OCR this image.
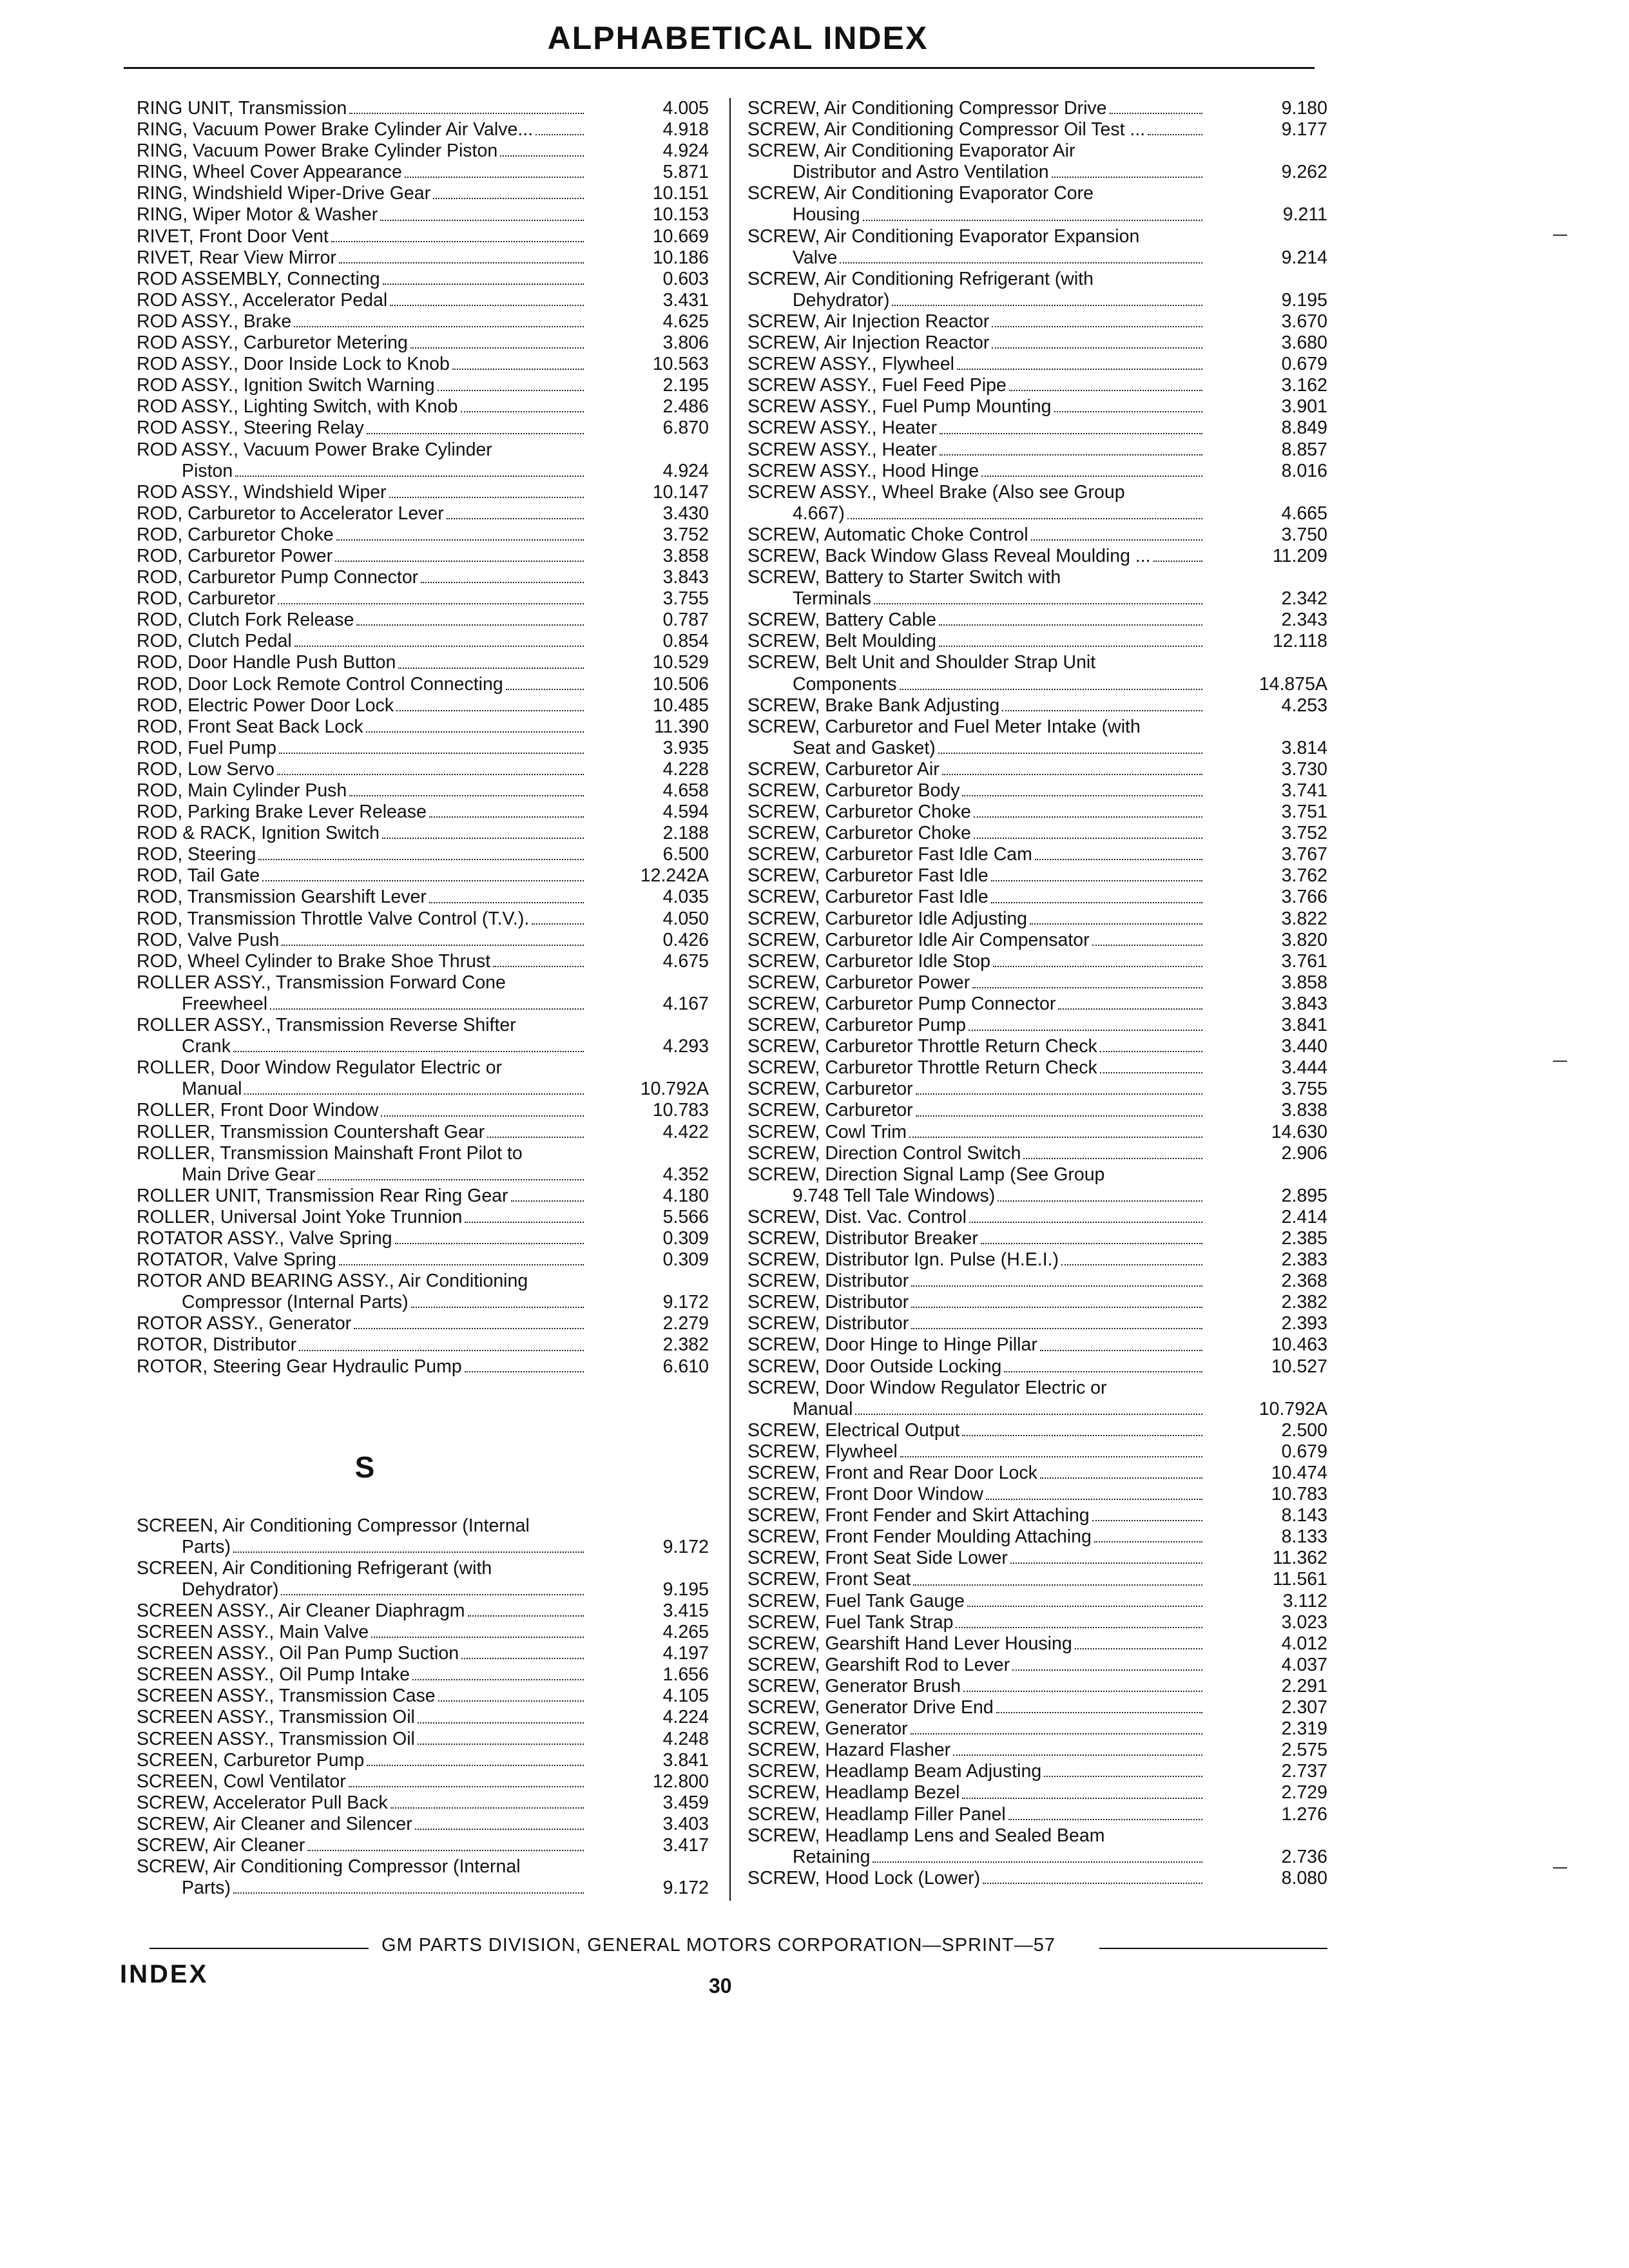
ALPHABETICAL INDEX
RING UNIT, Transmission	4.005
RING, Vacuum Power Brake Cylinder Air Valve...	4.918
RING, Vacuum Power Brake Cylinder Piston	4.924
RING, Wheel Cover Appearance	5.871
RING, Windshield Wiper-Drive Gear	10.151
RING, Wiper Motor & Washer	10.153
RIVET, Front Door Vent	10.669
RIVET, Rear View Mirror	10.186
ROD ASSEMBLY, Connecting	0.603
ROD ASSY., Accelerator Pedal	3.431
ROD ASSY., Brake	4.625
ROD ASSY., Carburetor Metering	3.806
ROD ASSY., Door Inside Lock to Knob	10.563
ROD ASSY., Ignition Switch Warning	2.195
ROD ASSY., Lighting Switch, with Knob	2.486
ROD ASSY., Steering Relay	6.870
ROD ASSY., Vacuum Power Brake Cylinder
Piston	4.924
ROD ASSY., Windshield Wiper	10.147
ROD, Carburetor to Accelerator Lever	3.430
ROD, Carburetor Choke	3.752
ROD, Carburetor Power	3.858
ROD, Carburetor Pump Connector	3.843
ROD, Carburetor	3.755
ROD, Clutch Fork Release	0.787
ROD, Clutch Pedal	0.854
ROD, Door Handle Push Button	10.529
ROD, Door Lock Remote Control Connecting	10.506
ROD, Electric Power Door Lock	10.485
ROD, Front Seat Back Lock	11.390
ROD, Fuel Pump	3.935
ROD, Low Servo	4.228
ROD, Main Cylinder Push	4.658
ROD, Parking Brake Lever Release	4.594
ROD & RACK, Ignition Switch	2.188
ROD, Steering	6.500
ROD, Tail Gate	12.242A
ROD, Transmission Gearshift Lever	4.035
ROD, Transmission Throttle Valve Control (T.V.).	4.050
ROD, Valve Push	0.426
ROD, Wheel Cylinder to Brake Shoe Thrust	4.675
ROLLER ASSY., Transmission Forward Cone
Freewheel	4.167
ROLLER ASSY., Transmission Reverse Shifter
Crank	4.293
ROLLER, Door Window Regulator Electric or
Manual	10.792A
ROLLER, Front Door Window	10.783
ROLLER, Transmission Countershaft Gear	4.422
ROLLER, Transmission Mainshaft Front Pilot to
Main Drive Gear	4.352
ROLLER UNIT, Transmission Rear Ring Gear	4.180
ROLLER, Universal Joint Yoke Trunnion	5.566
ROTATOR ASSY., Valve Spring	0.309
ROTATOR, Valve Spring	0.309
ROTOR AND BEARING ASSY., Air Conditioning
Compressor (Internal Parts)	9.172
ROTOR ASSY., Generator	2.279
ROTOR, Distributor	2.382
ROTOR, Steering Gear Hydraulic Pump	6.610
S
SCREEN, Air Conditioning Compressor (Internal
Parts)	9.172
SCREEN, Air Conditioning Refrigerant (with
Dehydrator)	9.195
SCREEN ASSY., Air Cleaner Diaphragm	3.415
SCREEN ASSY., Main Valve	4.265
SCREEN ASSY., Oil Pan Pump Suction	4.197
SCREEN ASSY., Oil Pump Intake	1.656
SCREEN ASSY., Transmission Case	4.105
SCREEN ASSY., Transmission Oil	4.224
SCREEN ASSY., Transmission Oil	4.248
SCREEN, Carburetor Pump	3.841
SCREEN, Cowl Ventilator	12.800
SCREW, Accelerator Pull Back	3.459
SCREW, Air Cleaner and Silencer	3.403
SCREW, Air Cleaner	3.417
SCREW, Air Conditioning Compressor (Internal
Parts)	9.172
SCREW, Air Conditioning Compressor Drive	9.180
SCREW, Air Conditioning Compressor Oil Test ...	9.177
SCREW, Air Conditioning Evaporator Air
Distributor and Astro Ventilation	9.262
SCREW, Air Conditioning Evaporator Core
Housing	9.211
SCREW, Air Conditioning Evaporator Expansion
Valve	9.214
SCREW, Air Conditioning Refrigerant (with
Dehydrator)	9.195
SCREW, Air Injection Reactor	3.670
SCREW, Air Injection Reactor	3.680
SCREW ASSY., Flywheel	0.679
SCREW ASSY., Fuel Feed Pipe	3.162
SCREW ASSY., Fuel Pump Mounting	3.901
SCREW ASSY., Heater	8.849
SCREW ASSY., Heater	8.857
SCREW ASSY., Hood Hinge	8.016
SCREW ASSY., Wheel Brake (Also see Group
4.667)	4.665
SCREW, Automatic Choke Control	3.750
SCREW, Back Window Glass Reveal Moulding ...	11.209
SCREW, Battery to Starter Switch with
Terminals	2.342
SCREW, Battery Cable	2.343
SCREW, Belt Moulding	12.118
SCREW, Belt Unit and Shoulder Strap Unit
Components	14.875A
SCREW, Brake Bank Adjusting	4.253
SCREW, Carburetor and Fuel Meter Intake (with
Seat and Gasket)	3.814
SCREW, Carburetor Air	3.730
SCREW, Carburetor Body	3.741
SCREW, Carburetor Choke	3.751
SCREW, Carburetor Choke	3.752
SCREW, Carburetor Fast Idle Cam	3.767
SCREW, Carburetor Fast Idle	3.762
SCREW, Carburetor Fast Idle	3.766
SCREW, Carburetor Idle Adjusting	3.822
SCREW, Carburetor Idle Air Compensator	3.820
SCREW, Carburetor Idle Stop	3.761
SCREW, Carburetor Power	3.858
SCREW, Carburetor Pump Connector	3.843
SCREW, Carburetor Pump	3.841
SCREW, Carburetor Throttle Return Check	3.440
SCREW, Carburetor Throttle Return Check	3.444
SCREW, Carburetor	3.755
SCREW, Carburetor	3.838
SCREW, Cowl Trim	14.630
SCREW, Direction Control Switch	2.906
SCREW, Direction Signal Lamp (See Group
9.748 Tell Tale Windows)	2.895
SCREW, Dist. Vac. Control	2.414
SCREW, Distributor Breaker	2.385
SCREW, Distributor Ign. Pulse (H.E.I.)	2.383
SCREW, Distributor	2.368
SCREW, Distributor	2.382
SCREW, Distributor	2.393
SCREW, Door Hinge to Hinge Pillar	10.463
SCREW, Door Outside Locking	10.527
SCREW, Door Window Regulator Electric or
Manual	10.792A
SCREW, Electrical Output	2.500
SCREW, Flywheel	0.679
SCREW, Front and Rear Door Lock	10.474
SCREW, Front Door Window	10.783
SCREW, Front Fender and Skirt Attaching	8.143
SCREW, Front Fender Moulding Attaching	8.133
SCREW, Front Seat Side Lower	11.362
SCREW, Front Seat	11.561
SCREW, Fuel Tank Gauge	3.112
SCREW, Fuel Tank Strap	3.023
SCREW, Gearshift Hand Lever Housing	4.012
SCREW, Gearshift Rod to Lever	4.037
SCREW, Generator Brush	2.291
SCREW, Generator Drive End	2.307
SCREW, Generator	2.319
SCREW, Hazard Flasher	2.575
SCREW, Headlamp Beam Adjusting	2.737
SCREW, Headlamp Bezel	2.729
SCREW, Headlamp Filler Panel	1.276
SCREW, Headlamp Lens and Sealed Beam
Retaining	2.736
SCREW, Hood Lock (Lower)	8.080
GM PARTS DIVISION, GENERAL MOTORS CORPORATION—SPRINT—57
INDEX	30
